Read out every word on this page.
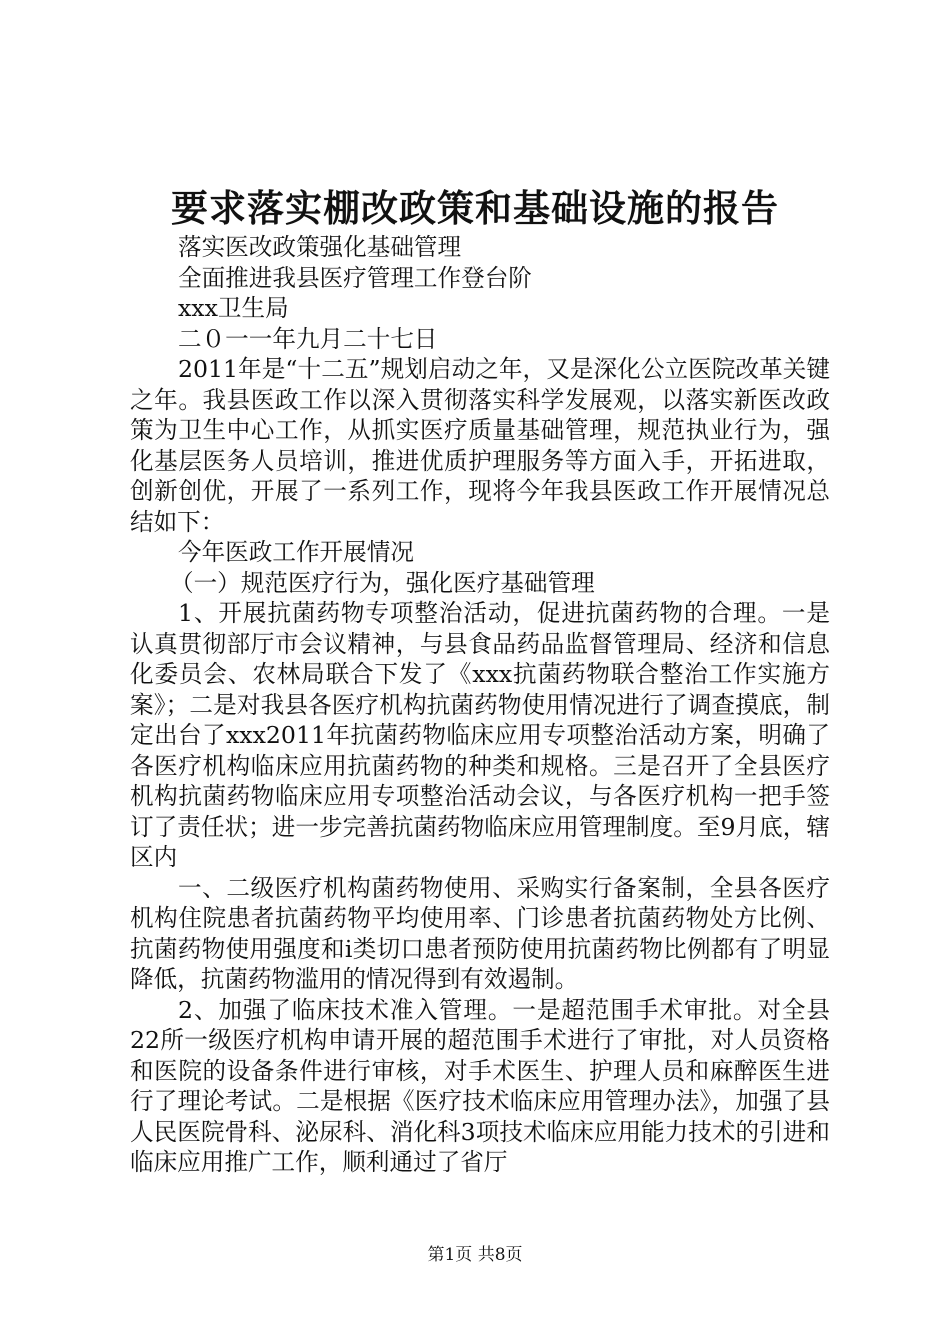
要求落实棚改政策和基础设施的报告

落实医改政策强化基础管理

全面推进我县医疗管理工作登台阶

xxx卫生局

二０一一年九月二十七日

2011年是“十二五”规划启动之年，又是深化公立医院改革关键之年。我县医政工作以深入贯彻落实科学发展观，以落实新医改政策为卫生中心工作，从抓实医疗质量基础管理，规范执业行为，强化基层医务人员培训，推进优质护理服务等方面入手，开拓进取，创新创优，开展了一系列工作，现将今年我县医政工作开展情况总结如下：

今年医政工作开展情况

（一）规范医疗行为，强化医疗基础管理

1、开展抗菌药物专项整治活动，促进抗菌药物的合理。一是认真贯彻部厅市会议精神，与县食品药品监督管理局、经济和信息化委员会、农林局联合下发了《xxx抗菌药物联合整治工作实施方案》；二是对我县各医疗机构抗菌药物使用情况进行了调查摸底，制定出台了xxx2011年抗菌药物临床应用专项整治活动方案，明确了各医疗机构临床应用抗菌药物的种类和规格。三是召开了全县医疗机构抗菌药物临床应用专项整治活动会议，与各医疗机构一把手签订了责任状；进一步完善抗菌药物临床应用管理制度。至9月底，辖区内

一、二级医疗机构菌药物使用、采购实行备案制，全县各医疗机构住院患者抗菌药物平均使用率、门诊患者抗菌药物处方比例、抗菌药物使用强度和ⅰ类切口患者预防使用抗菌药物比例都有了明显降低，抗菌药物滥用的情况得到有效遏制。

2、加强了临床技术准入管理。一是超范围手术审批。对全县22所一级医疗机构申请开展的超范围手术进行了审批，对人员资格和医院的设备条件进行审核，对手术医生、护理人员和麻醉医生进行了理论考试。二是根据《医疗技术临床应用管理办法》，加强了县人民医院骨科、泌尿科、消化科3项技术临床应用能力技术的引进和临床应用推广工作，顺利通过了省厅

第1页 共8页
